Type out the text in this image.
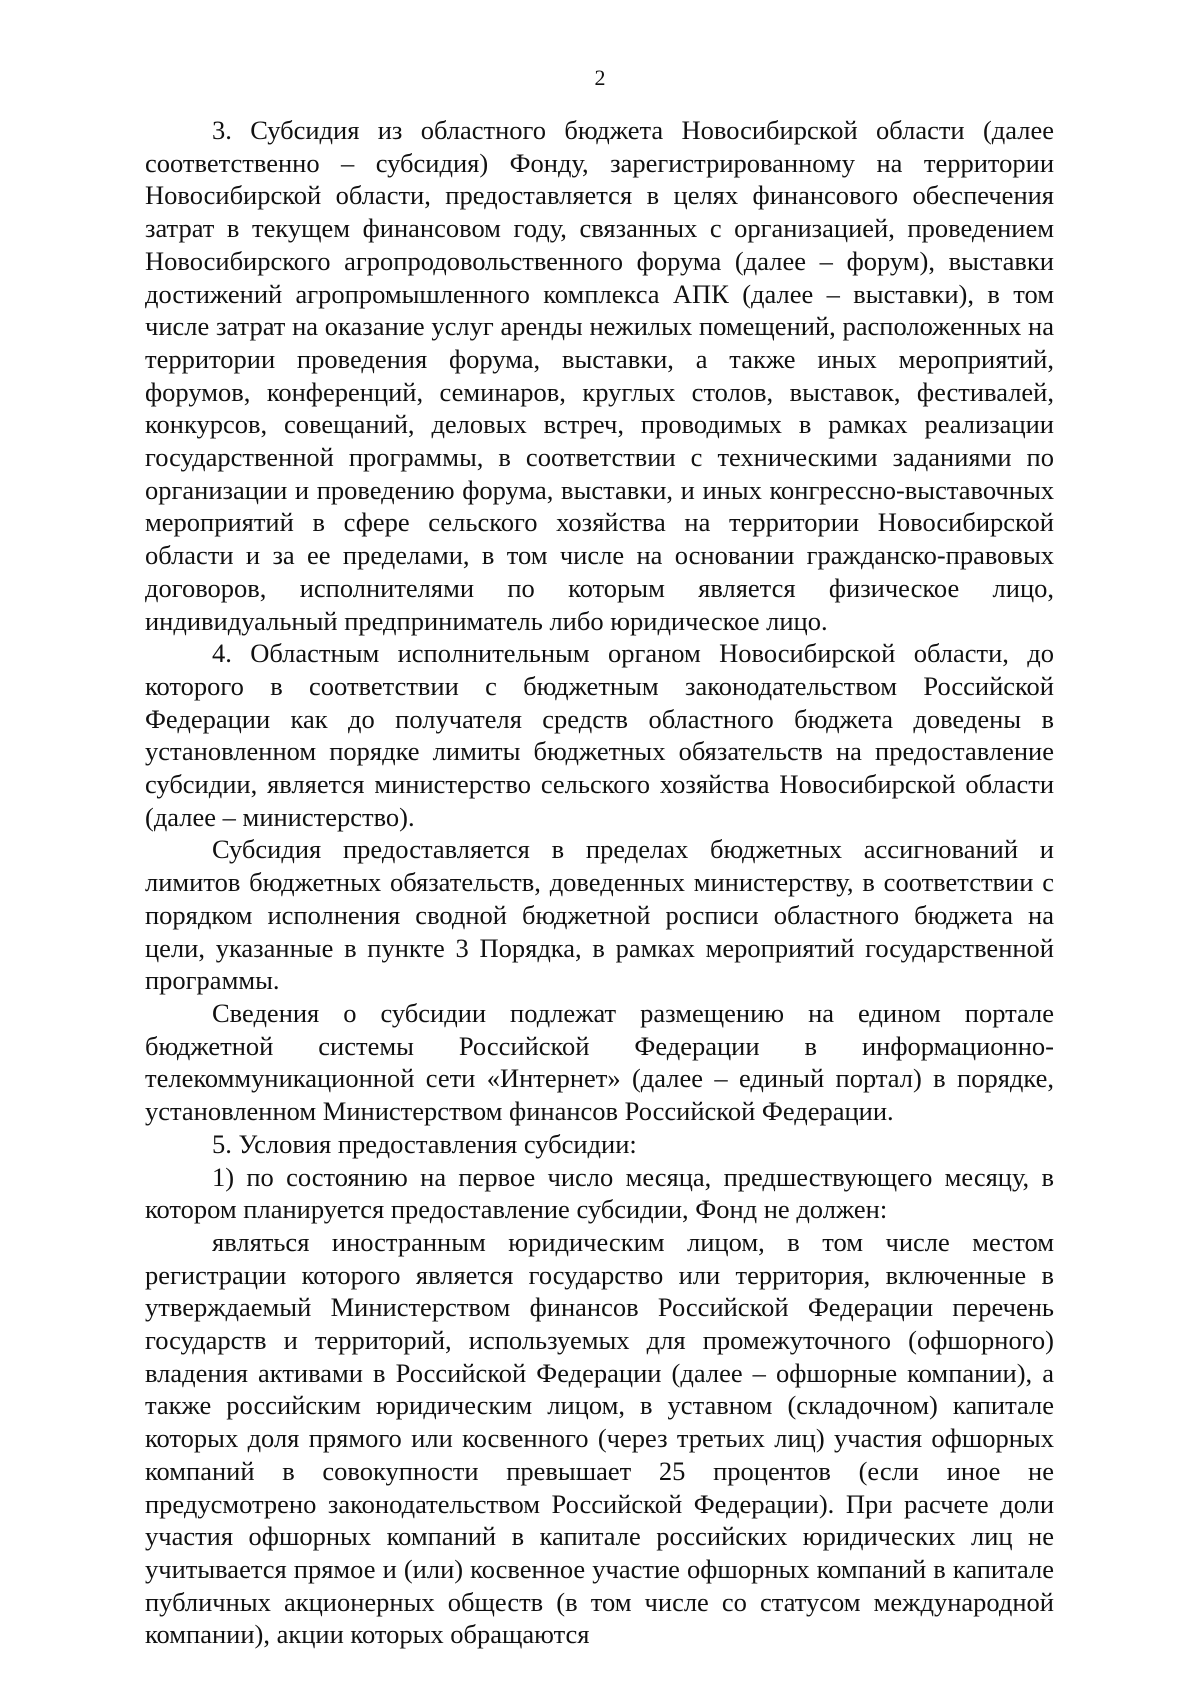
2

3. Субсидия из областного бюджета Новосибирской области (далее соответственно – субсидия) Фонду, зарегистрированному на территории Новосибирской области, предоставляется в целях финансового обеспечения затрат в текущем финансовом году, связанных с организацией, проведением Новосибирского агропродовольственного форума (далее – форум), выставки достижений агропромышленного комплекса АПК (далее – выставки), в том числе затрат на оказание услуг аренды нежилых помещений, расположенных на территории проведения форума, выставки, а также иных мероприятий, форумов, конференций, семинаров, круглых столов, выставок, фестивалей, конкурсов, совещаний, деловых встреч, проводимых в рамках реализации государственной программы, в соответствии с техническими заданиями по организации и проведению форума, выставки, и иных конгрессно-выставочных мероприятий в сфере сельского хозяйства на территории Новосибирской области и за ее пределами, в том числе на основании гражданско-правовых договоров, исполнителями по которым является физическое лицо, индивидуальный предприниматель либо юридическое лицо.

4. Областным исполнительным органом Новосибирской области, до которого в соответствии с бюджетным законодательством Российской Федерации как до получателя средств областного бюджета доведены в установленном порядке лимиты бюджетных обязательств на предоставление субсидии, является министерство сельского хозяйства Новосибирской области (далее – министерство).

Субсидия предоставляется в пределах бюджетных ассигнований и лимитов бюджетных обязательств, доведенных министерству, в соответствии с порядком исполнения сводной бюджетной росписи областного бюджета на цели, указанные в пункте 3 Порядка, в рамках мероприятий государственной программы.

Сведения о субсидии подлежат размещению на едином портале бюджетной системы Российской Федерации в информационно-телекоммуникационной сети «Интернет» (далее – единый портал) в порядке, установленном Министерством финансов Российской Федерации.

5. Условия предоставления субсидии:

1) по состоянию на первое число месяца, предшествующего месяцу, в котором планируется предоставление субсидии, Фонд не должен:

являться иностранным юридическим лицом, в том числе местом регистрации которого является государство или территория, включенные в утверждаемый Министерством финансов Российской Федерации перечень государств и территорий, используемых для промежуточного (офшорного) владения активами в Российской Федерации (далее – офшорные компании), а также российским юридическим лицом, в уставном (складочном) капитале которых доля прямого или косвенного (через третьих лиц) участия офшорных компаний в совокупности превышает 25 процентов (если иное не предусмотрено законодательством Российской Федерации). При расчете доли участия офшорных компаний в капитале российских юридических лиц не учитывается прямое и (или) косвенное участие офшорных компаний в капитале публичных акционерных обществ (в том числе со статусом международной компании), акции которых обращаются
